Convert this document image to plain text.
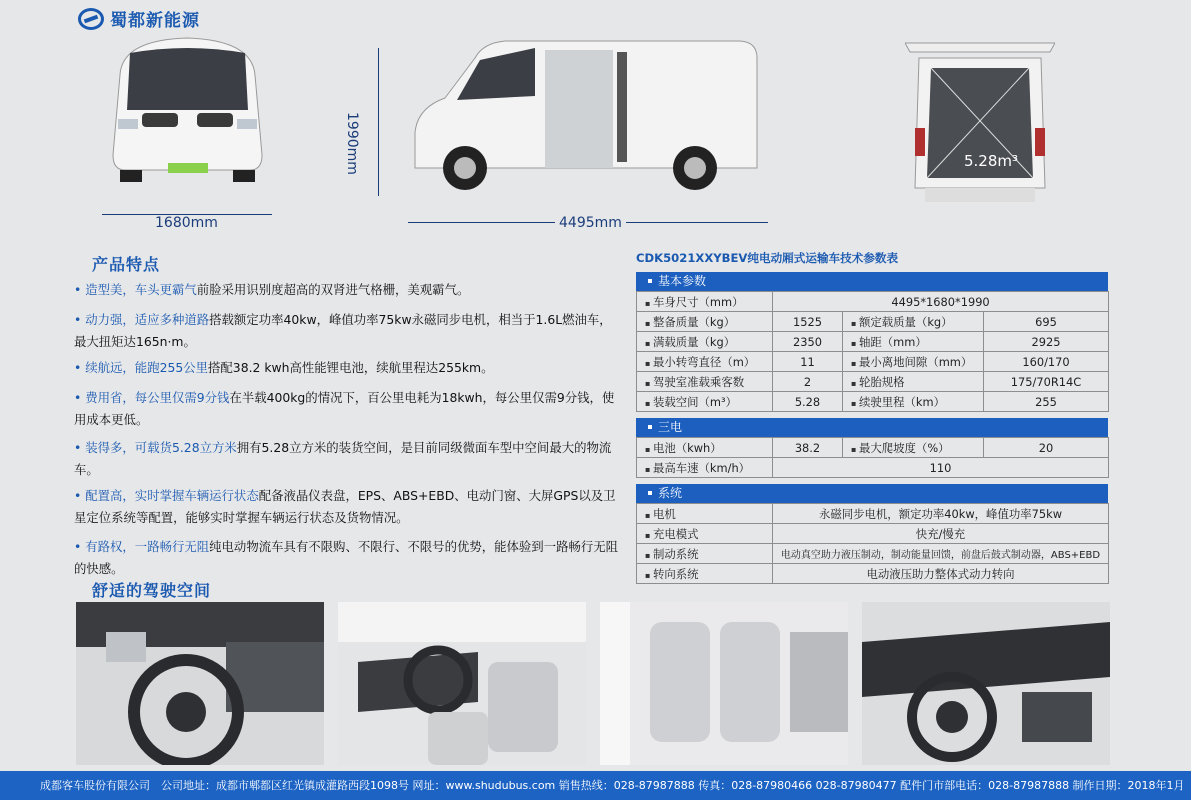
蜀都新能源
1680mm
1990mm
4495mm
5.28m³
产品特点
• 造型美，车头更霸气前脸采用识别度超高的双肾进气格栅，美观霸气。
• 动力强，适应多种道路搭载额定功率40kw，峰值功率75kw永磁同步电机，相当于1.6L燃油车，最大扭矩达165n·m。
• 续航远，能跑255公里搭配38.2 kwh高性能锂电池，续航里程达255km。
• 费用省，每公里仅需9分钱在半载400kg的情况下，百公里电耗为18kwh，每公里仅需9分钱，使用成本更低。
• 装得多，可载货5.28立方米拥有5.28立方米的装货空间，是目前同级微面车型中空间最大的物流车。
• 配置高，实时掌握车辆运行状态配备液晶仪表盘，EPS、ABS+EBD、电动门窗、大屏GPS以及卫星定位系统等配置，能够实时掌握车辆运行状态及货物情况。
• 有路权，一路畅行无阻纯电动物流车具有不限购、不限行、不限号的优势，能体验到一路畅行无阻的快感。
舒适的驾驶空间
CDK5021XXYBEV纯电动厢式运输车技术参数表
基本参数
▪ 车身尺寸（mm）	4495*1680*1990		
▪ 整备质量（kg）	1525	▪ 额定载质量（kg）	695
▪ 满载质量（kg）	2350	▪ 轴距（mm）	2925
▪ 最小转弯直径（m）	11	▪ 最小离地间隙（mm）	160/170
▪ 驾驶室准载乘客数	2	▪ 轮胎规格	175/70R14C
▪ 装载空间（m³）	5.28	▪ 续驶里程（km）	255
三电
▪ 电池（kwh）	38.2	▪ 最大爬坡度（%）	20
▪ 最高车速（km/h）	110		
系统
▪ 电机	永磁同步电机，额定功率40kw，峰值功率75kw
▪ 充电模式	快充/慢充
▪ 制动系统	电动真空助力液压制动，制动能量回馈，前盘后鼓式制动器，ABS+EBD
▪ 转向系统	电动液压助力整体式动力转向
成都客车股份有限公司　公司地址：成都市郫都区红光镇成灌路西段1098号 网址：www.shudubus.com 销售热线：028-87987888 传真：028-87980466 028-87980477 配件门市部电话：028-87987888 制作日期：2018年1月
